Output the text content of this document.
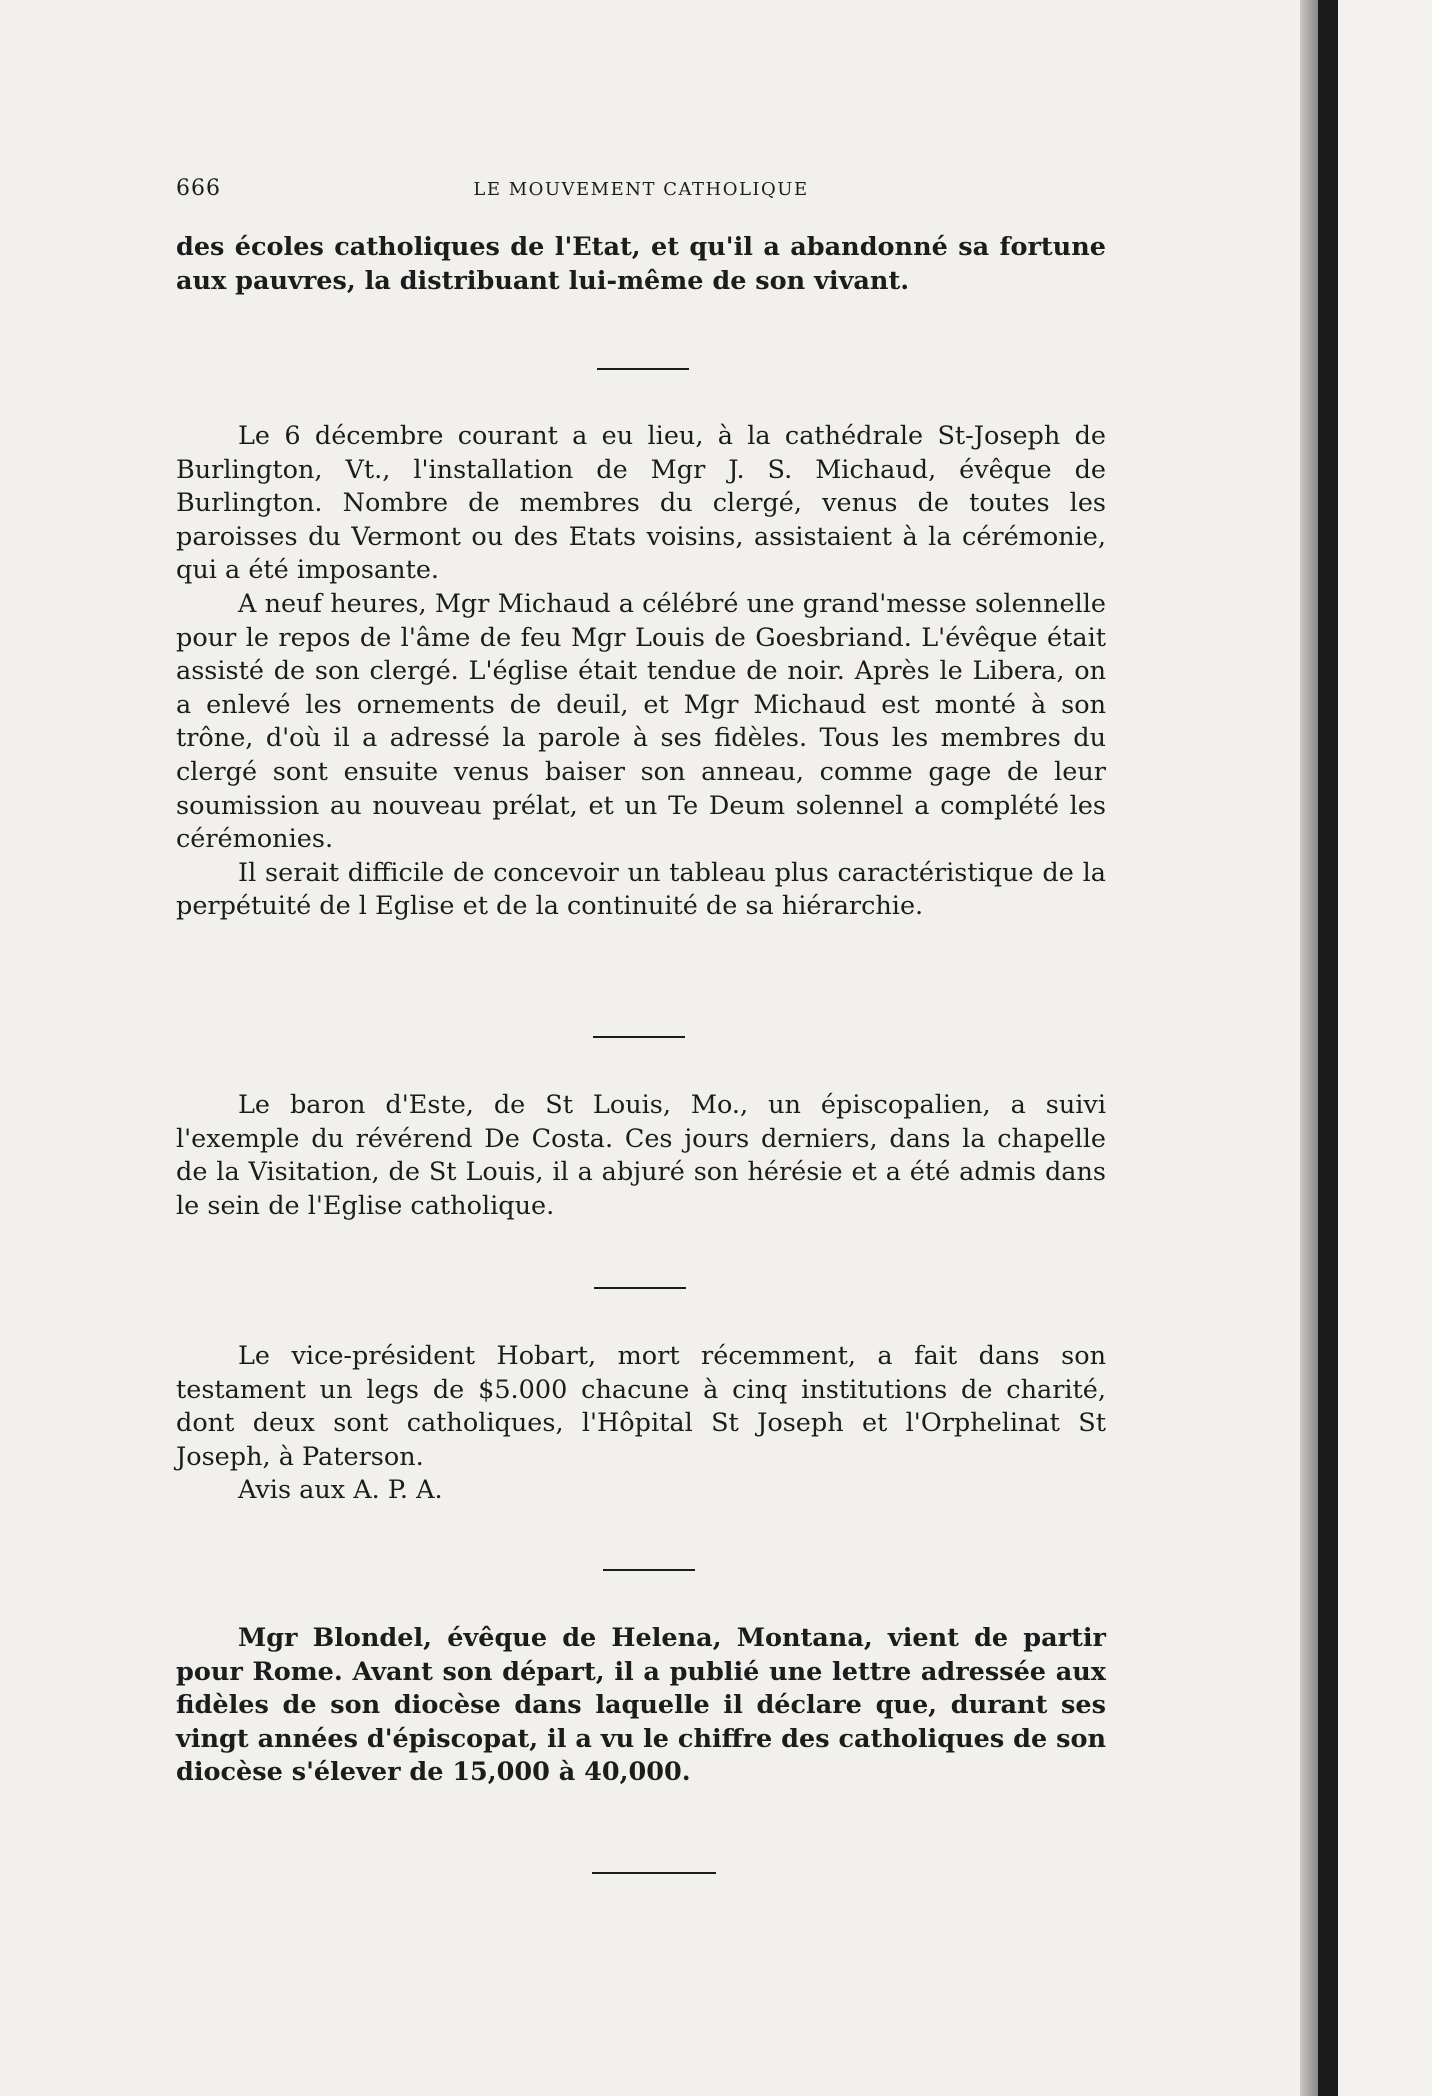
666	LE MOUVEMENT CATHOLIQUE

des écoles catholiques de l'Etat, et qu'il a abandonné sa fortune aux pauvres, la distribuant lui-même de son vivant.

Le 6 décembre courant a eu lieu, à la cathédrale St-Joseph de Burlington, Vt., l'installation de Mgr J. S. Michaud, évêque de Burlington. Nombre de membres du clergé, venus de toutes les paroisses du Vermont ou des Etats voisins, assistaient à la cérémonie, qui a été imposante.

A neuf heures, Mgr Michaud a célébré une grand'messe solennelle pour le repos de l'âme de feu Mgr Louis de Goesbriand. L'évêque était assisté de son clergé. L'église était tendue de noir. Après le Libera, on a enlevé les ornements de deuil, et Mgr Michaud est monté à son trône, d'où il a adressé la parole à ses fidèles. Tous les membres du clergé sont ensuite venus baiser son anneau, comme gage de leur soumission au nouveau prélat, et un Te Deum solennel a complété les cérémonies.

Il serait difficile de concevoir un tableau plus caractéristique de la perpétuité de l Eglise et de la continuité de sa hiérarchie.

Le baron d'Este, de St Louis, Mo., un épiscopalien, a suivi l'exemple du révérend De Costa. Ces jours derniers, dans la chapelle de la Visitation, de St Louis, il a abjuré son hérésie et a été admis dans le sein de l'Eglise catholique.

Le vice-président Hobart, mort récemment, a fait dans son testament un legs de $5.000 chacune à cinq institutions de charité, dont deux sont catholiques, l'Hôpital St Joseph et l'Orphelinat St Joseph, à Paterson.

Avis aux A. P. A.

Mgr Blondel, évêque de Helena, Montana, vient de partir pour Rome. Avant son départ, il a publié une lettre adressée aux fidèles de son diocèse dans laquelle il déclare que, durant ses vingt années d'épiscopat, il a vu le chiffre des catholiques de son diocèse s'élever de 15,000 à 40,000.
